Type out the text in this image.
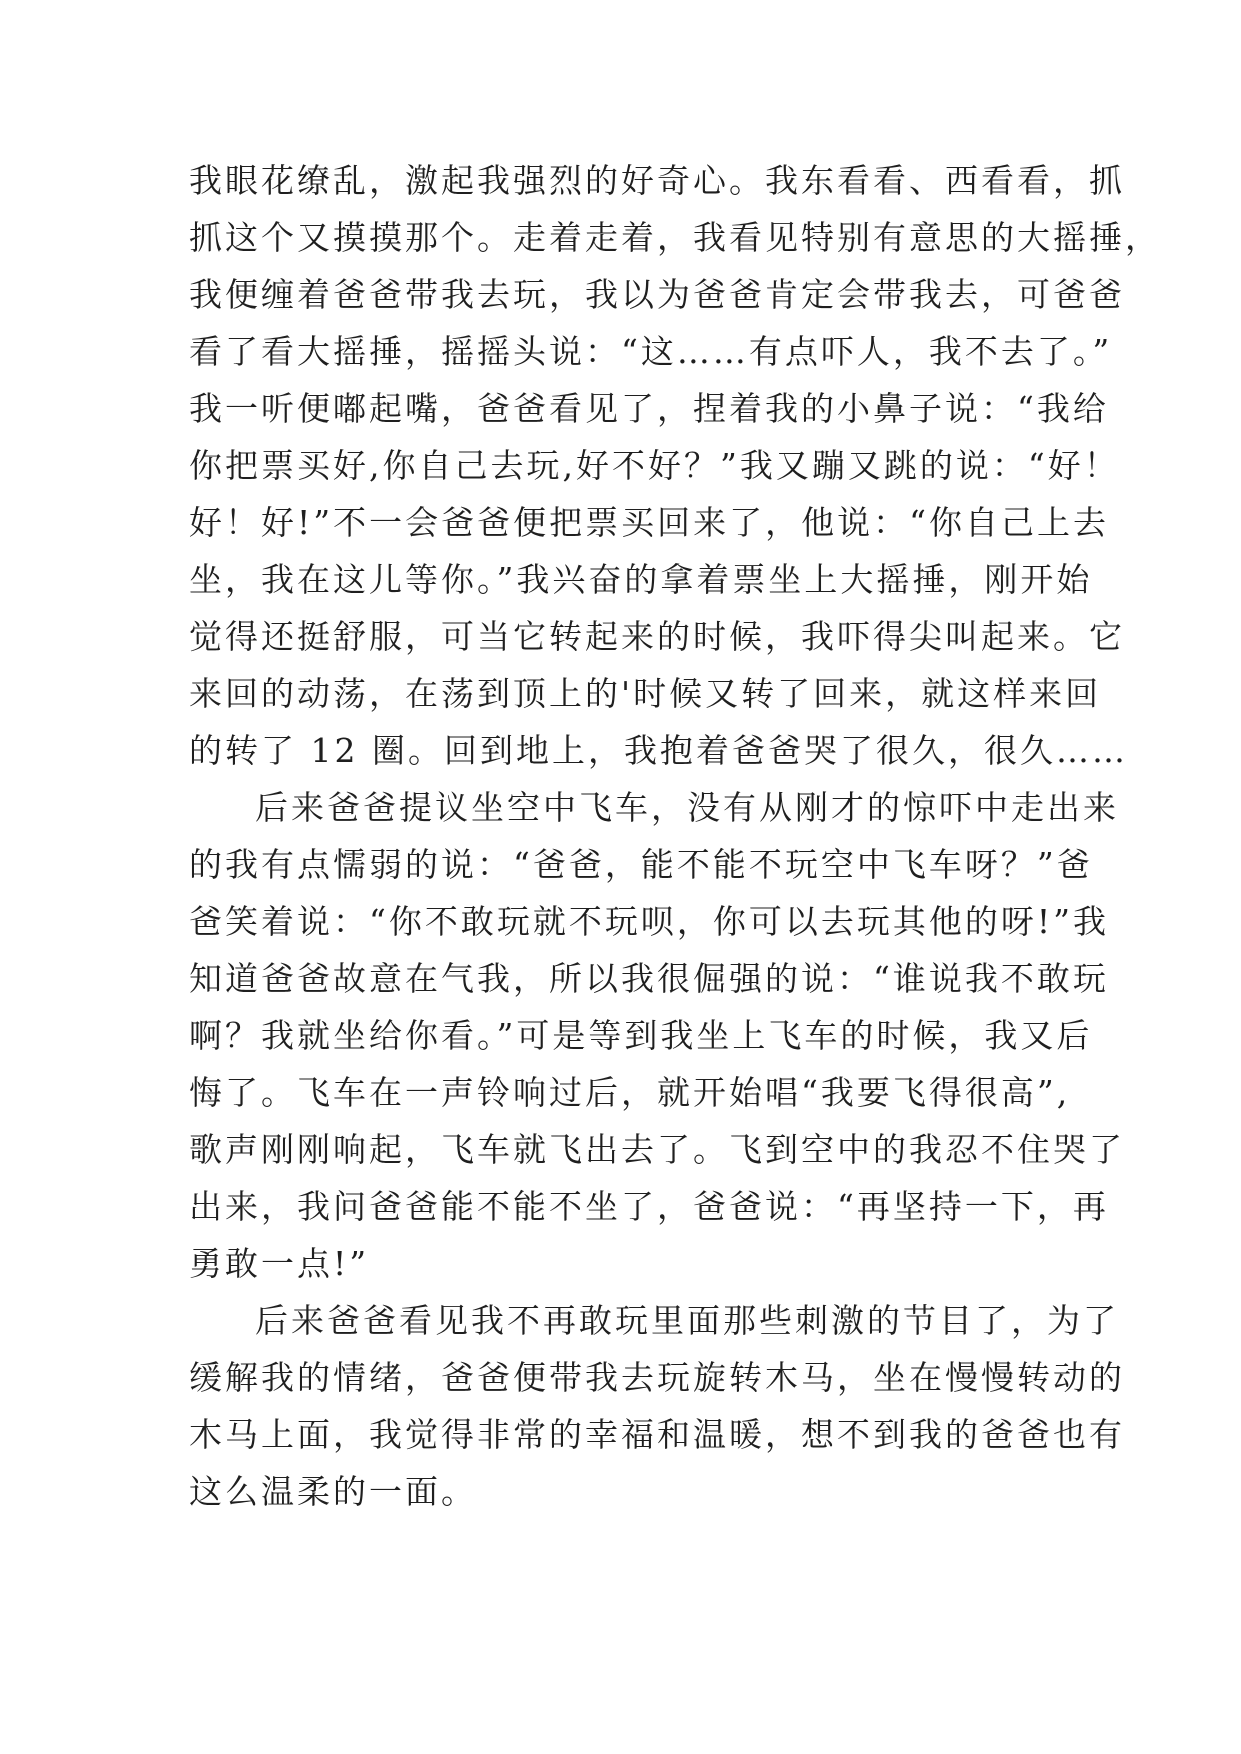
我眼花缭乱，激起我强烈的好奇心。我东看看、西看看，抓
抓这个又摸摸那个。走着走着，我看见特别有意思的大摇捶，
我便缠着爸爸带我去玩，我以为爸爸肯定会带我去，可爸爸
看了看大摇捶，摇摇头说：“这……有点吓人，我不去了。”
我一听便嘟起嘴，爸爸看见了，捏着我的小鼻子说：“我给
你把票买好,你自己去玩,好不好？”我又蹦又跳的说：“好！
好！好!”不一会爸爸便把票买回来了，他说：“你自己上去
坐，我在这儿等你。”我兴奋的拿着票坐上大摇捶，刚开始
觉得还挺舒服，可当它转起来的时候，我吓得尖叫起来。它
来回的动荡，在荡到顶上的'时候又转了回来，就这样来回
的转了 12 圈。回到地上，我抱着爸爸哭了很久，很久……
后来爸爸提议坐空中飞车，没有从刚才的惊吓中走出来
的我有点懦弱的说：“爸爸，能不能不玩空中飞车呀？”爸
爸笑着说：“你不敢玩就不玩呗，你可以去玩其他的呀!”我
知道爸爸故意在气我，所以我很倔强的说：“谁说我不敢玩
啊？我就坐给你看。”可是等到我坐上飞车的时候，我又后
悔了。飞车在一声铃响过后，就开始唱“我要飞得很高”,
歌声刚刚响起，飞车就飞出去了。飞到空中的我忍不住哭了
出来，我问爸爸能不能不坐了，爸爸说：“再坚持一下，再
勇敢一点!”
后来爸爸看见我不再敢玩里面那些刺激的节目了，为了
缓解我的情绪，爸爸便带我去玩旋转木马，坐在慢慢转动的
木马上面，我觉得非常的幸福和温暖，想不到我的爸爸也有
这么温柔的一面。
